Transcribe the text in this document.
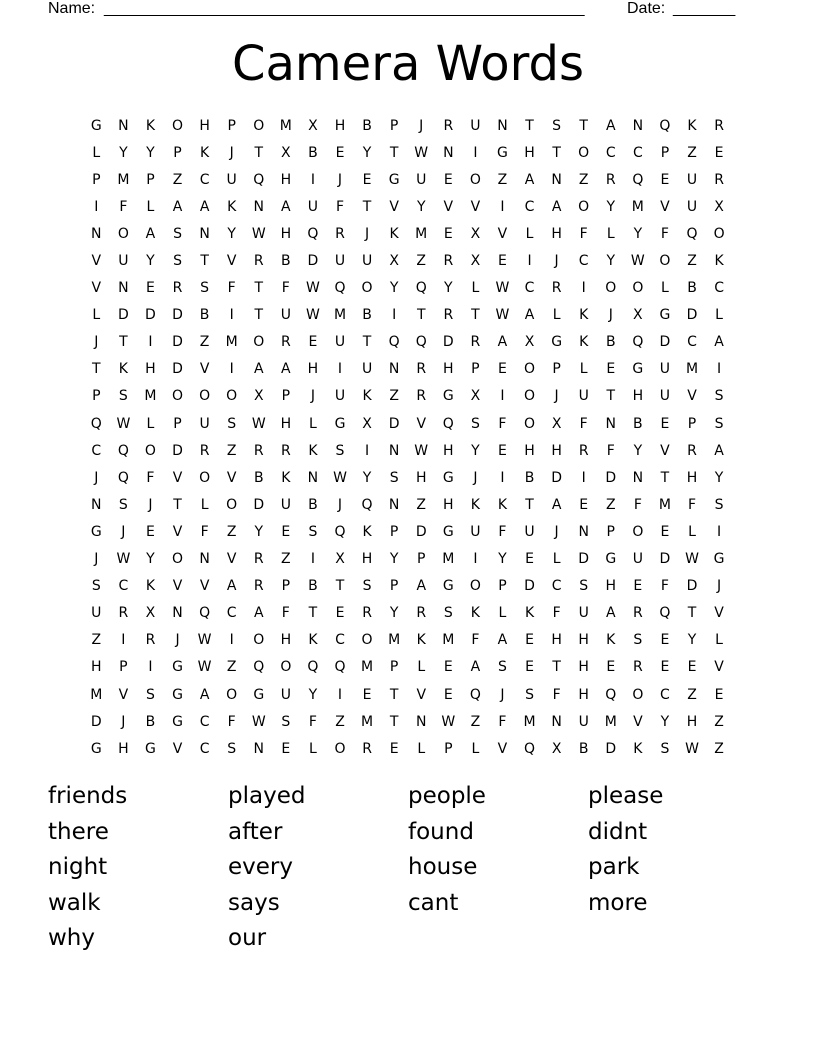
Name: ______________________________________________________	Date: _______
Camera Words
G	N	K	O	H	P	O	M	X	H	B	P	J	R	U	N	T	S	T	A	N	Q	K	R
L	Y	Y	P	K	J	T	X	B	E	Y	T	W	N	I	G	H	T	O	C	C	P	Z	E
P	M	P	Z	C	U	Q	H	I	J	E	G	U	E	O	Z	A	N	Z	R	Q	E	U	R
I	F	L	A	A	K	N	A	U	F	T	V	Y	V	V	I	C	A	O	Y	M	V	U	X
N	O	A	S	N	Y	W	H	Q	R	J	K	M	E	X	V	L	H	F	L	Y	F	Q	O
V	U	Y	S	T	V	R	B	D	U	U	X	Z	R	X	E	I	J	C	Y	W	O	Z	K
V	N	E	R	S	F	T	F	W	Q	O	Y	Q	Y	L	W	C	R	I	O	O	L	B	C
L	D	D	D	B	I	T	U	W M	B	I	T	R	T	W	A	L	K	J	X	G	D	L
J	T	I	D	Z	M	O	R	E	U	T	Q	Q	D	R	A	X	G	K	B	Q	D	C	A
T	K	H	D	V	I	A	A	H	I	U	N	R	H	P	E	O	P	L	E	G	U	M	I
P	S	M	O	O	O	X	P	J	U	K	Z	R	G	X	I	O	J	U	T	H	U	V	S
Q	W	L	P	U	S	W	H	L	G	X	D	V	Q	S	F	O	X	F	N	B	E	P	S
C	Q	O	D	R	Z	R	R	K	S	I	N	W	H	Y	E	H	H	R	F	Y	V	R	A
J	Q	F	V	O	V	B	K	N	W	Y	S	H	G	J	I	B	D	I	D	N	T	H	Y
N	S	J	T	L	O	D	U	B	J	Q	N	Z	H	K	K	T	A	E	Z	F	M	F	S
G	J	E	V	F	Z	Y	E	S	Q	K	P	D	G	U	F	U	J	N	P	O	E	L	I
J	W	Y	O	N	V	R	Z	I	X	H	Y	P	M	I	Y	E	L	D	G	U	D	W	G
S	C	K	V	V	A	R	P	B	T	S	P	A	G	O	P	D	C	S	H	E	F	D	J
U	R	X	N	Q	C	A	F	T	E	R	Y	R	S	K	L	K	F	U	A	R	Q	T	V
Z	I	R	J	W	I	O	H	K	C	O	M	K	M	F	A	E	H	H	K	S	E	Y	L
H	P	I	G	W	Z	Q	O	Q	Q	M	P	L	E	A	S	E	T	H	E	R	E	E	V
M	V	S	G	A	O	G	U	Y	I	E	T	V	E	Q	J	S	F	H	Q	O	C	Z	E
D	J	B	G	C	F	W	S	F	Z	M	T	N	W	Z	F	M	N	U	M	V	Y	H	Z
G	H	G	V	C	S	N	E	L	O	R	E	L	P	L	V	Q	X	B	D	K	S	W	Z
friends	played	people	please
there	after	found	didnt
night	every	house	park
walk	says	cant	more
why	our
